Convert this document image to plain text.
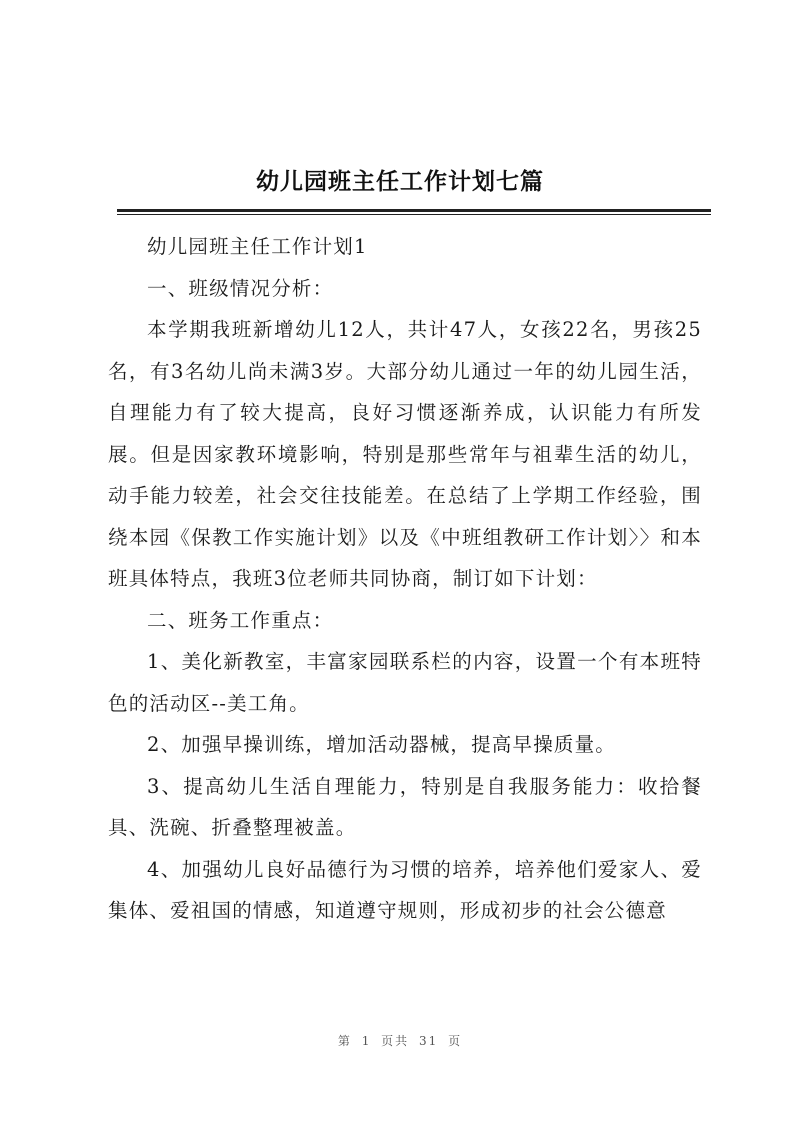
幼儿园班主任工作计划七篇

幼儿园班主任工作计划1

一、班级情况分析：

本学期我班新增幼儿12人，共计47人，女孩22名，男孩25名，有3名幼儿尚未满3岁。大部分幼儿通过一年的幼儿园生活，自理能力有了较大提高，良好习惯逐渐养成，认识能力有所发展。但是因家教环境影响，特别是那些常年与祖辈生活的幼儿，动手能力较差，社会交往技能差。在总结了上学期工作经验，围绕本园《保教工作实施计划》以及《中班组教研工作计划〉〉和本班具体特点，我班3位老师共同协商，制订如下计划：

二、班务工作重点：

1、美化新教室，丰富家园联系栏的内容，设置一个有本班特色的活动区--美工角。

2、加强早操训练，增加活动器械，提高早操质量。

3、提高幼儿生活自理能力，特别是自我服务能力：收拾餐具、洗碗、折叠整理被盖。

4、加强幼儿良好品德行为习惯的培养，培养他们爱家人、爱集体、爱祖国的情感，知道遵守规则，形成初步的社会公德意

第 1 页共 31 页
